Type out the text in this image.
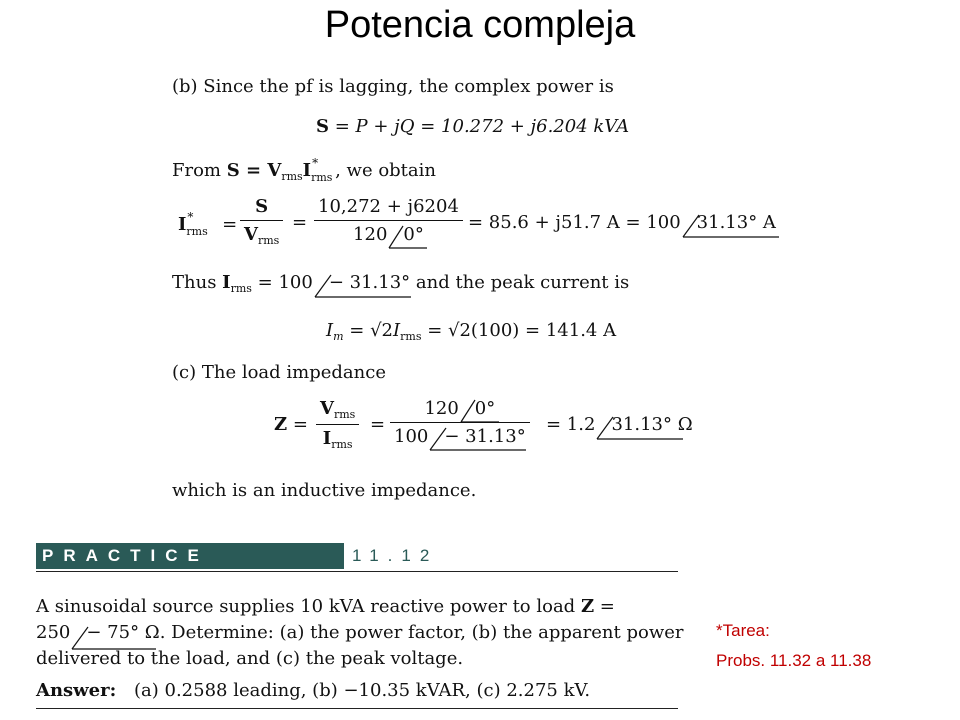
Potencia compleja
(b) Since the pf is lagging, the complex power is
S = P + jQ = 10.272 + j6.204 kVA
From $S = V_{rms}I$ *
rms , we obtain
I *
rms =
S
$V_{rms}$
=
10,272 + j6204
120 0°
= 85.6 + j51.7 A = 100 31.13° A
Thus $I_{rms} = 100 - 31.13^\circ$ and the peak current is
$I_m = √2I_{rms} = √2(100) = 141.4$ A
(c) The load impedance
Z =
$V_{rms}$
$I_{rms}$
=
120 0°
100 − 31.13°
= 1.2 31.13° Ω
which is an inductive impedance.
PRACTICE PROBLEM
11.12
A sinusoidal source supplies 10 kVA reactive power to load Z =
250 − 75° Ω. Determine: (a) the power factor, (b) the apparent power
delivered to the load, and (c) the peak voltage.
Answer: (a) 0.2588 leading, (b) −10.35 kVAR, (c) 2.275 kV.
*Tarea:
Probs. 11.32 a 11.38
